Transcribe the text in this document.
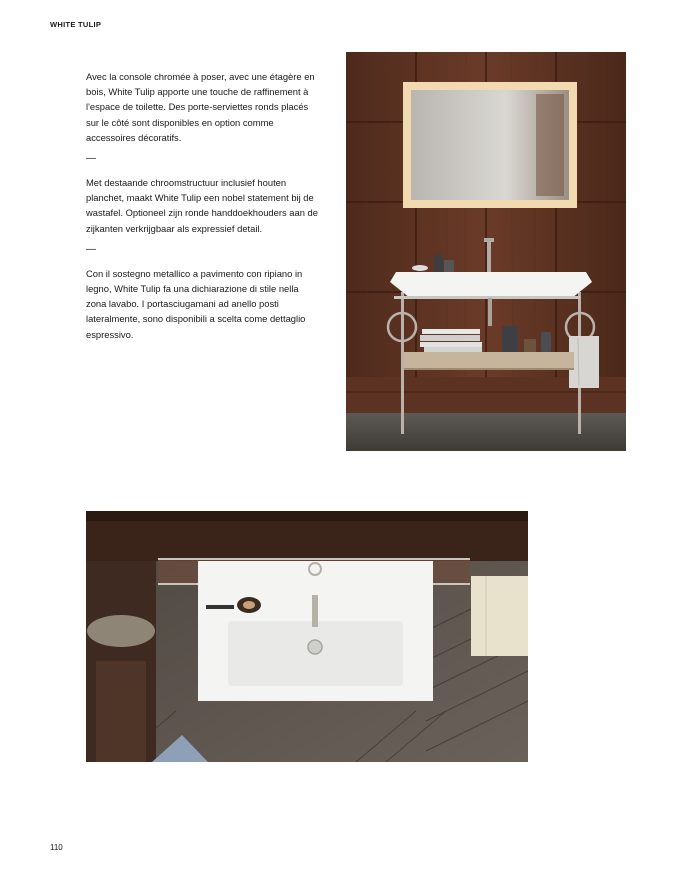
WHITE TULIP

Avec la console chromée à poser, avec une étagère en bois, White Tulip apporte une touche de raffinement à l'espace de toilette. Des porte-serviettes ronds placés sur le côté sont disponibles en option comme accessoires décoratifs.

—

Met destaande chroomstructuur inclusief houten planchet, maakt White Tulip een nobel statement bij de wastafel. Optioneel zijn ronde handdoekhouders aan de zijkanten verkrijgbaar als expressief detail.

—

Con il sostegno metallico a pavimento con ripiano in legno, White Tulip fa una dichiarazione di stile nella zona lavabo. I portasciugamani ad anello posti lateralmente, sono disponibili a scelta come dettaglio espressivo.

110
